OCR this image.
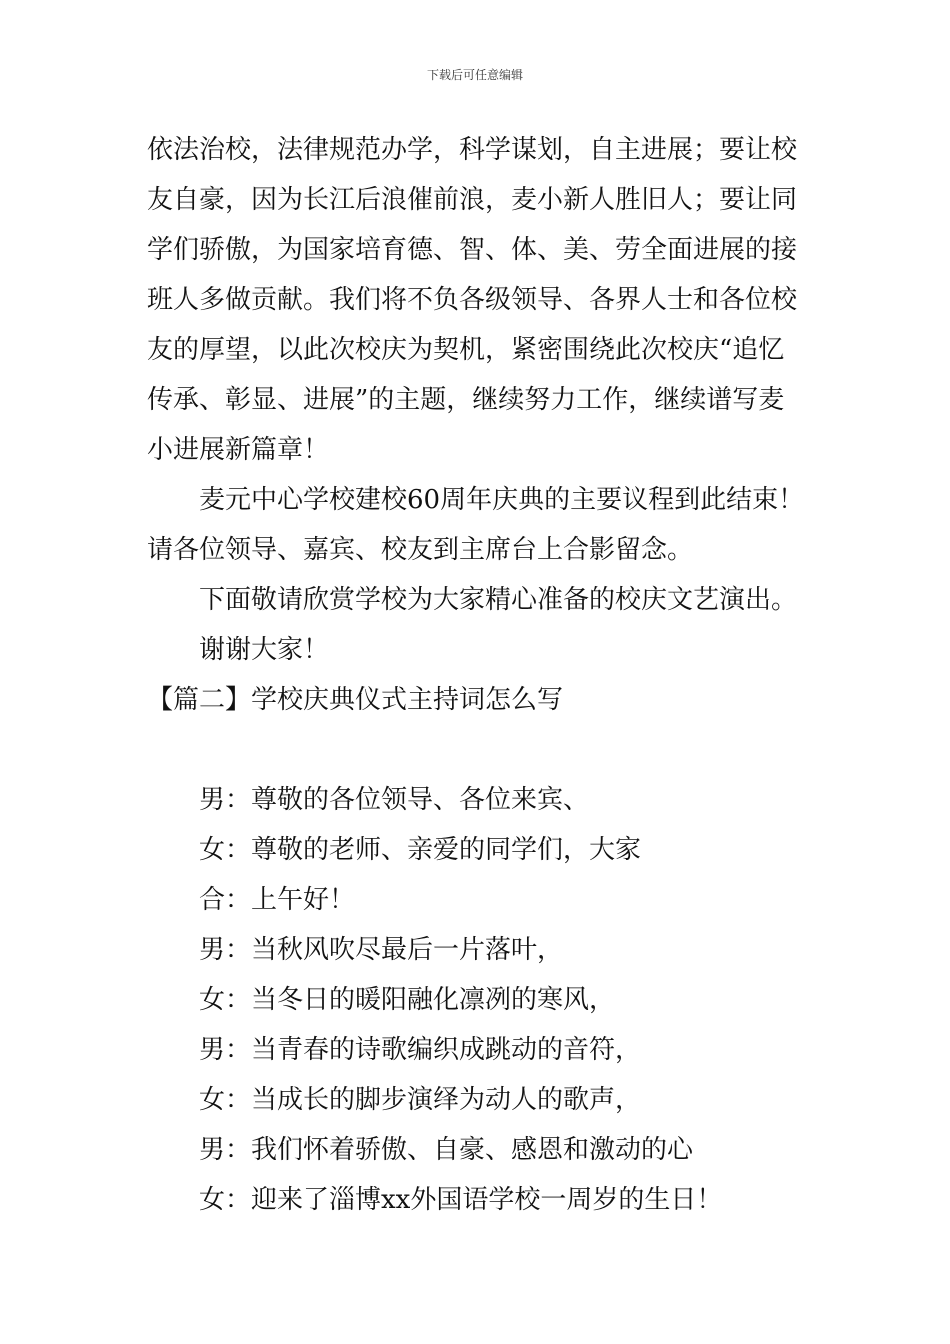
下载后可任意编辑
依法治校，法律规范办学，科学谋划，自主进展；要让校
友自豪，因为长江后浪催前浪，麦小新人胜旧人；要让同
学们骄傲，为国家培育德、智、体、美、劳全面进展的接
班人多做贡献。我们将不负各级领导、各界人士和各位校
友的厚望，以此次校庆为契机，紧密围绕此次校庆“追忆
传承、彰显、进展”的主题，继续努力工作，继续谱写麦
小进展新篇章！
麦元中心学校建校60周年庆典的主要议程到此结束！
请各位领导、嘉宾、校友到主席台上合影留念。
下面敬请欣赏学校为大家精心准备的校庆文艺演出。
谢谢大家！
【篇二】学校庆典仪式主持词怎么写
男：尊敬的各位领导、各位来宾、
女：尊敬的老师、亲爱的同学们，大家
合：上午好！
男：当秋风吹尽最后一片落叶，
女：当冬日的暖阳融化凛冽的寒风，
男：当青春的诗歌编织成跳动的音符，
女：当成长的脚步演绎为动人的歌声，
男：我们怀着骄傲、自豪、感恩和激动的心
女：迎来了淄博xx外国语学校一周岁的生日！
